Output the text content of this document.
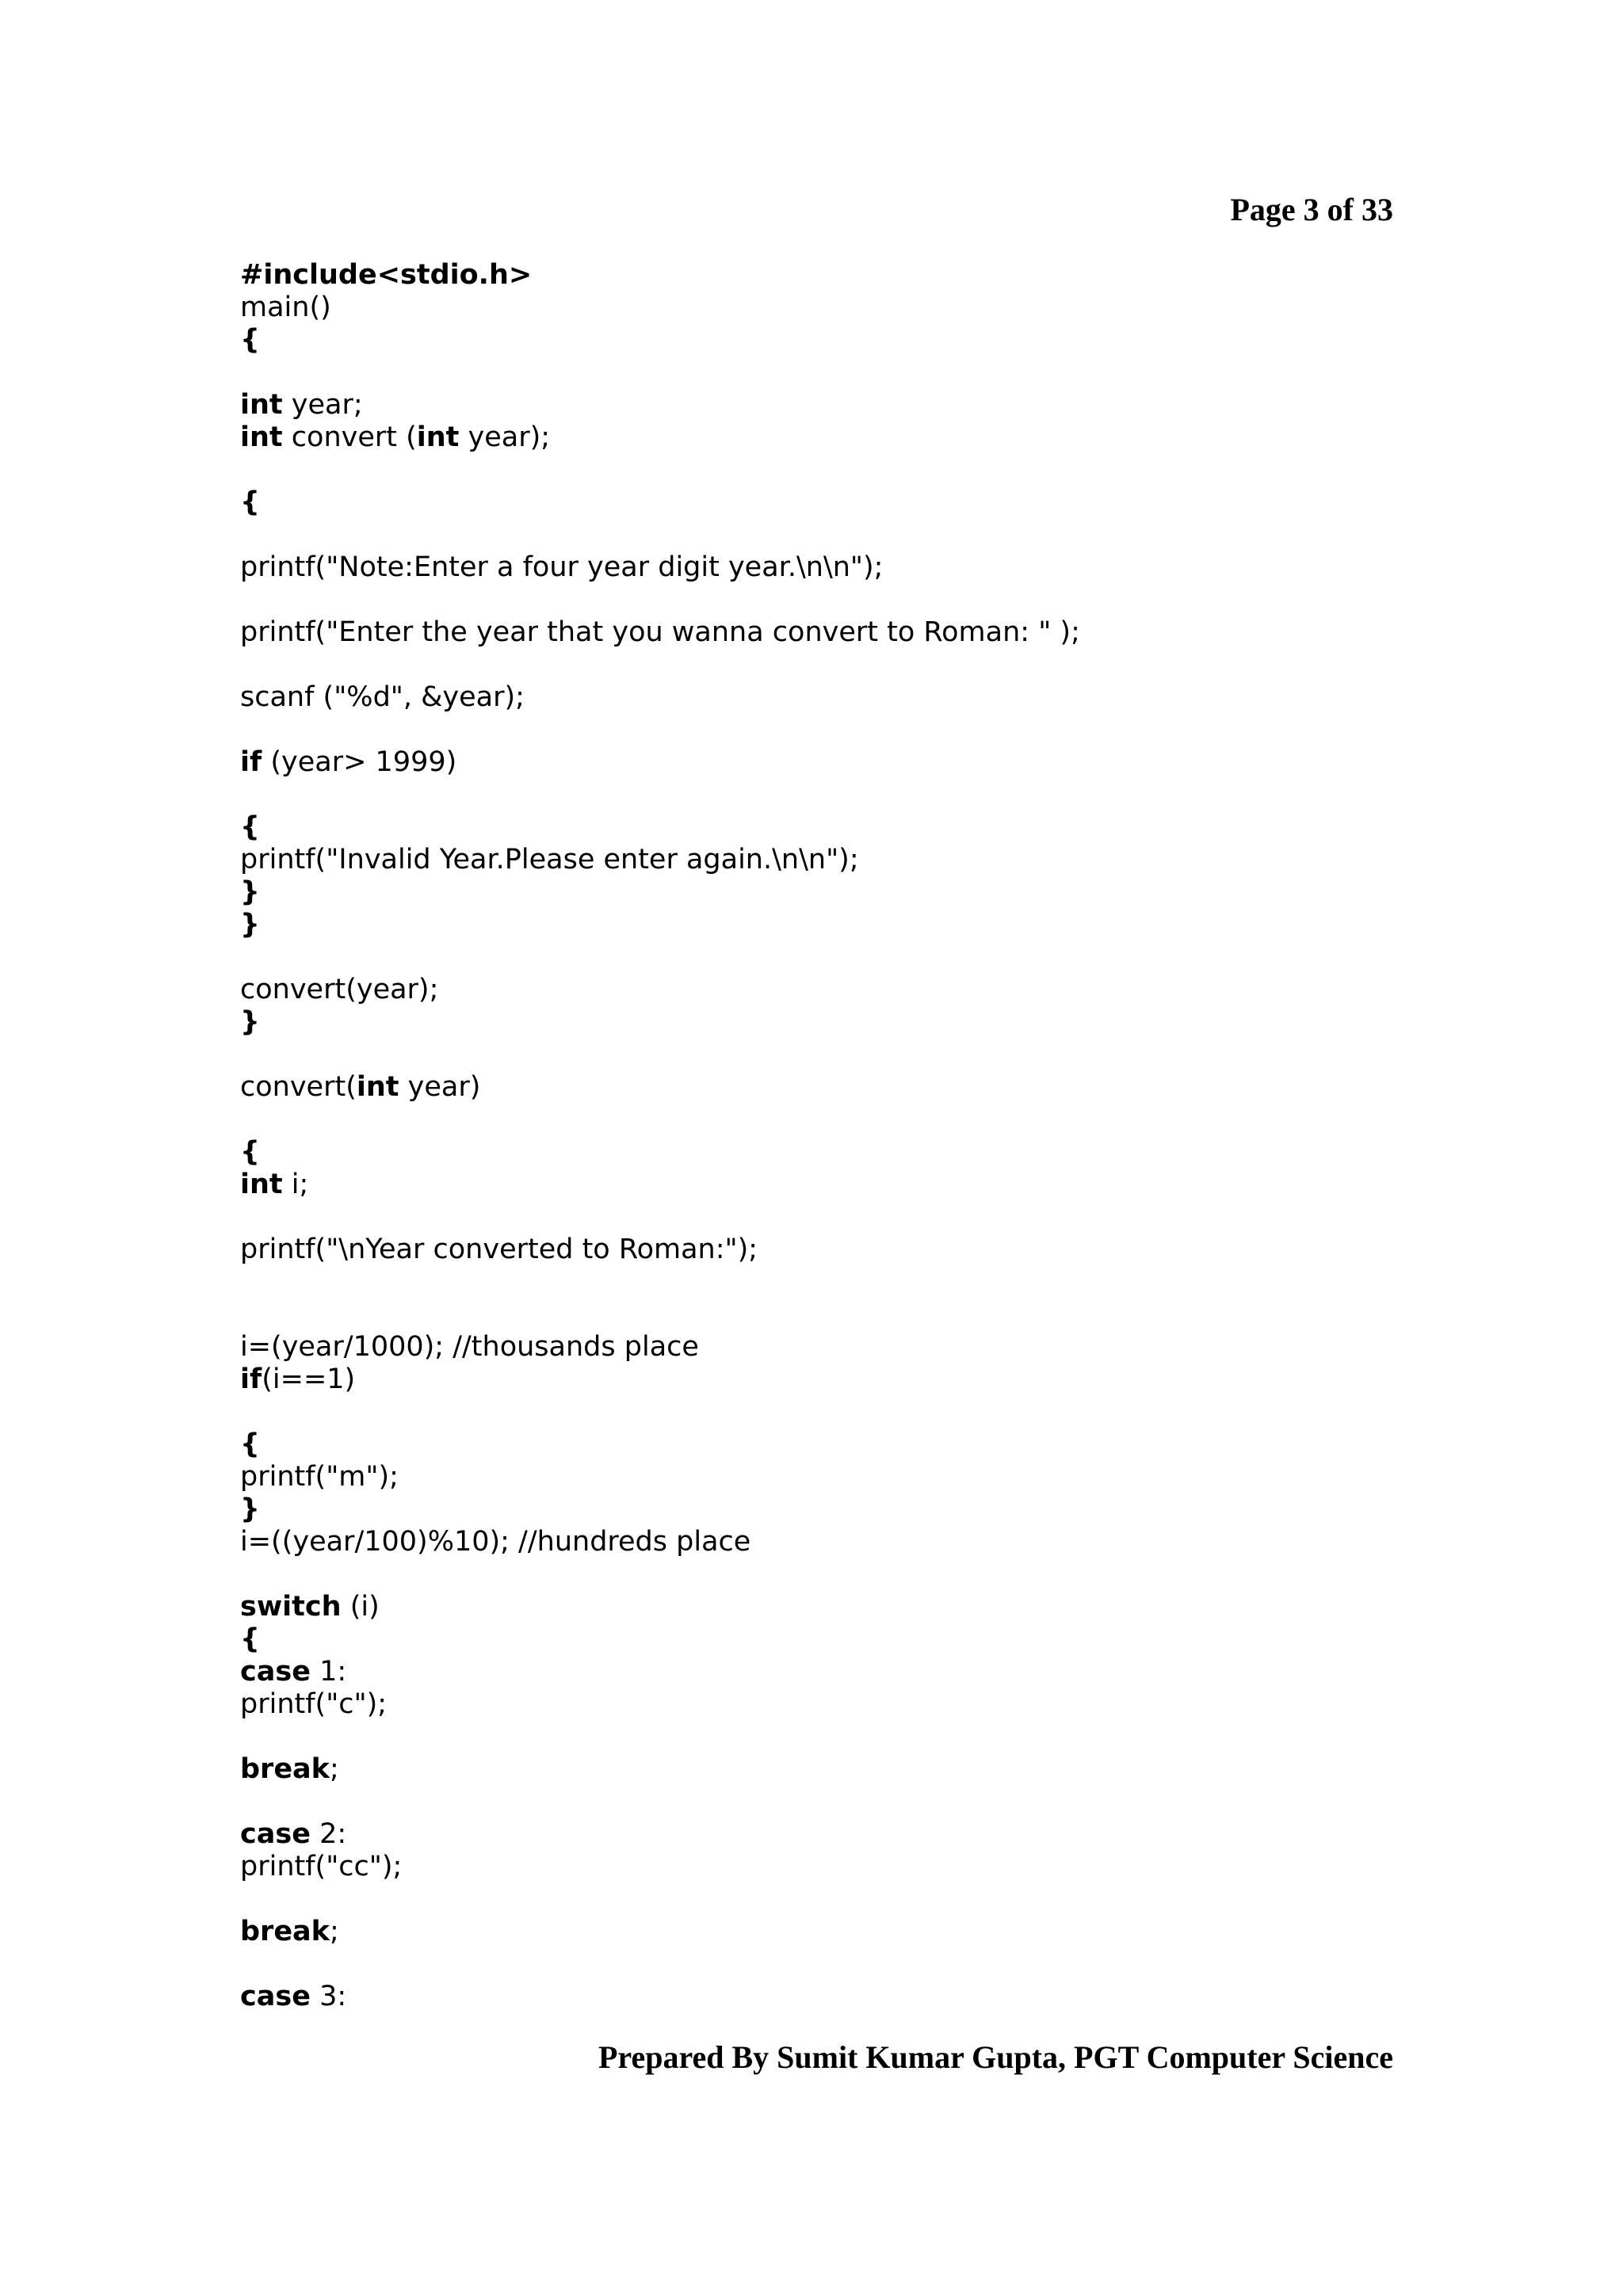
Page 3 of 33
#include<stdio.h>
main()
{
int year;
int convert (int year);
{
printf("Note:Enter a four year digit year.\n\n");
printf("Enter the year that you wanna convert to Roman: " );
scanf ("%d", &year);
if (year> 1999)
{
printf("Invalid Year.Please enter again.\n\n");
}
}
convert(year);
}
convert(int year)
{
int i;
printf("\nYear converted to Roman:");
i=(year/1000); //thousands place
if(i==1)
{
printf("m");
}
i=((year/100)%10); //hundreds place
switch (i)
{
case 1:
printf("c");
break;
case 2:
printf("cc");
break;
case 3:
Prepared By Sumit Kumar Gupta, PGT Computer Science
